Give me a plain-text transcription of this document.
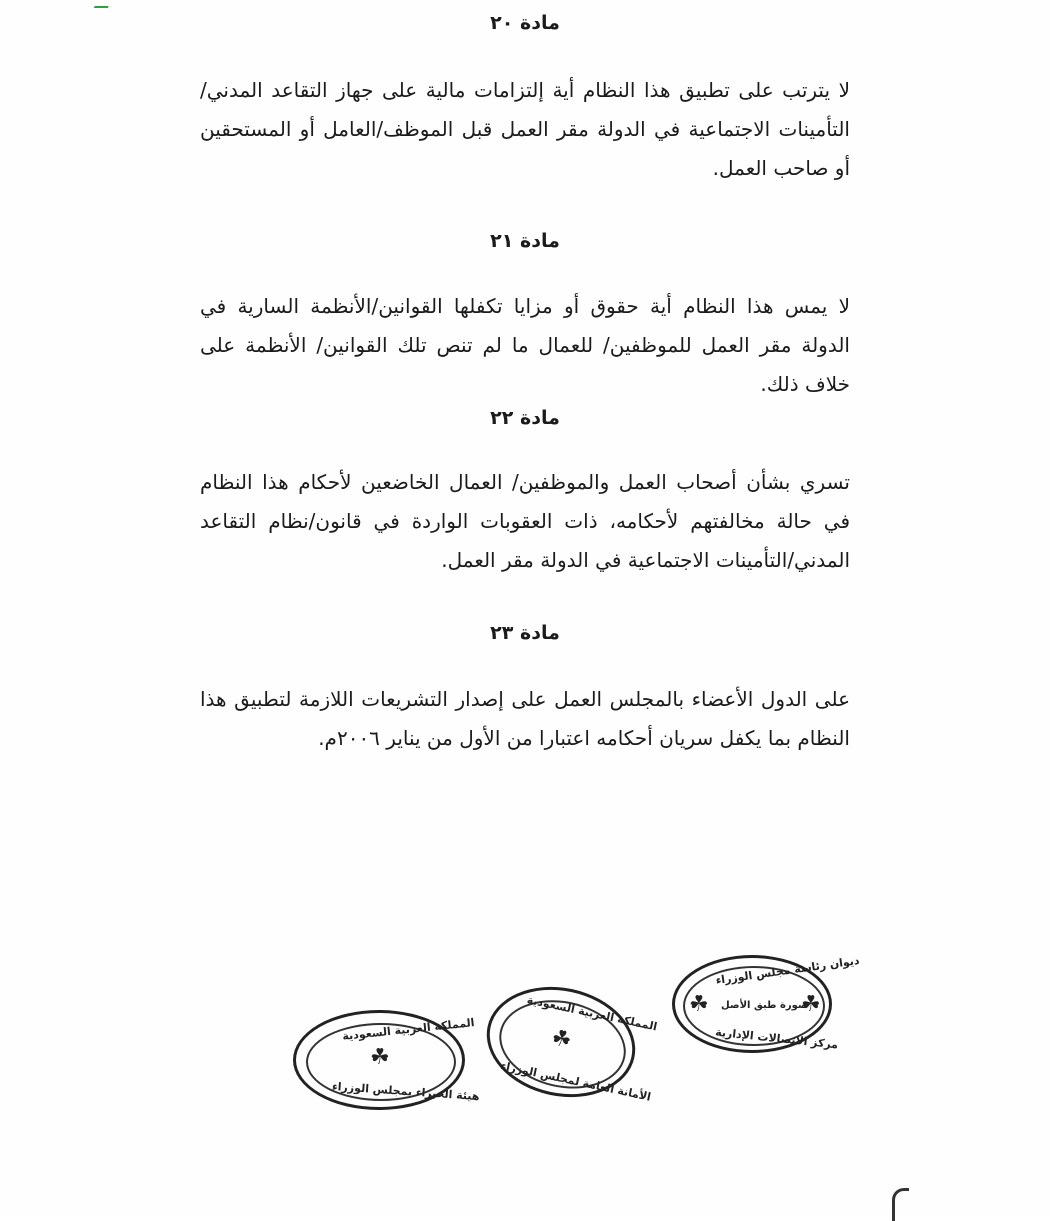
مادة ٢٠
لا يترتب على تطبيق هذا النظام أية إلتزامات مالية على جهاز التقاعد المدني/التأمينات الاجتماعية في الدولة مقر العمل قبل الموظف/العامل أو المستحقين أو صاحب العمل.
مادة ٢١
لا يمس هذا النظام أية حقوق أو مزايا تكفلها القوانين/الأنظمة السارية في الدولة مقر العمل للموظفين/ للعمال ما لم تنص تلك القوانين/ الأنظمة على خلاف ذلك.
مادة ٢٢
تسري بشأن أصحاب العمل والموظفين/ العمال الخاضعين لأحكام هذا النظام في حالة مخالفتهم لأحكامه، ذات العقوبات الواردة في قانون/نظام التقاعد المدني/التأمينات الاجتماعية في الدولة مقر العمل.
مادة ٢٣
على الدول الأعضاء بالمجلس العمل على إصدار التشريعات اللازمة لتطبيق هذا النظام بما يكفل سريان أحكامه اعتبارا من الأول من يناير ٢٠٠٦م.
ديوان رئاسة مجلس الوزراء
☘	☘
صورة طبق الأصل
مركز الاتصالات الإدارية
المملكة العربية السعودية
☘
الأمانة العامة لمجلس الوزراء
المملكة العربية السعودية
☘
هيئة الخبراء بمجلس الوزراء
